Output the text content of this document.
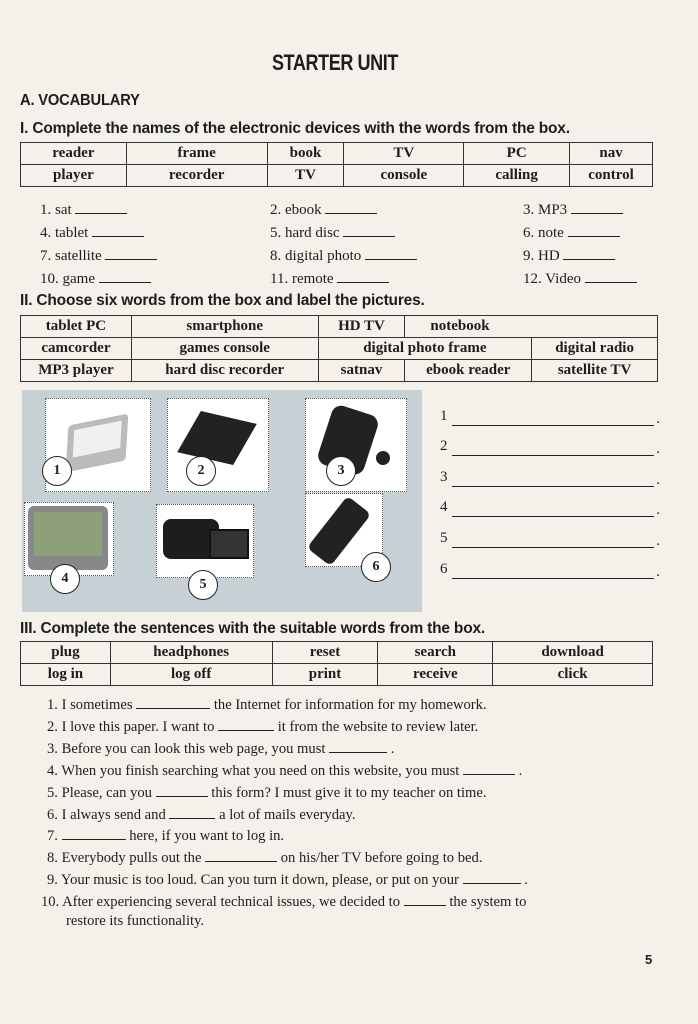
STARTER UNIT
A. VOCABULARY
I. Complete the names of the electronic devices with the words from the box.
reader	frame	book	TV	PC	nav
player	recorder	TV	console	calling	control
II. Choose six words from the box and label the pictures.
tablet PC	smartphone	HD TV	notebook	
camcorder	games console	digital photo frame		digital radio
MP3 player	hard disc recorder	satnav	ebook reader	satellite TV
1	2	3
4	5
6
III. Complete the sentences with the suitable words from the box.
plug	headphones	reset	search	download
log in	log off	print	receive	click
restore its functionality.
5
1. sat	2. ebook	3. MP3
4. tablet	5. hard disc	6. note
7. satellite	8. digital photo	9. HD
10. game	11. remote	12. Video
1	.
2	.
3	.
4	.
5	.
6	.
1. I sometimes	the Internet for information for my homework.
2. I love this paper. I want to	it from the website to review later.
3. Before you can look this web page, you must	.
4. When you finish searching what you need on this website, you must	.
5. Please, can you	this form? I must give it to my teacher on time.
6. I always send and	a lot of mails everyday.
7.	here, if you want to log in.
8. Everybody pulls out the	on his/her TV before going to bed.
9. Your music is too loud. Can you turn it down, please, or put on your	.
10. After experiencing several technical issues, we decided to	the system to
